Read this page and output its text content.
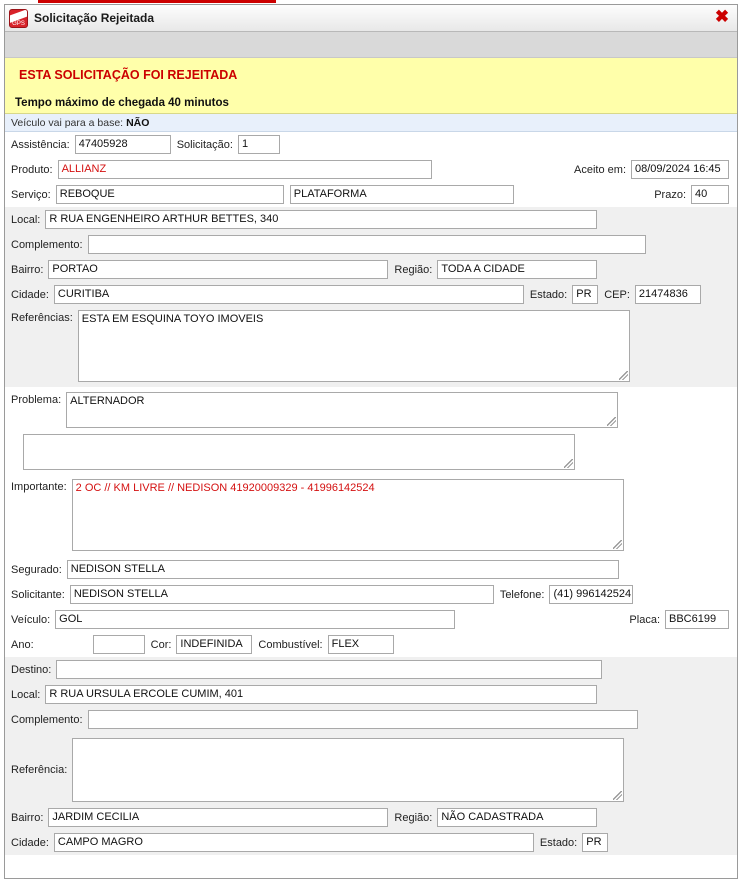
GPS Solicitação Rejeitada	✖
ESTA SOLICITAÇÃO FOI REJEITADA
Tempo máximo de chegada 40 minutos
Veículo vai para a base: NÃO
Assistência: 47405928	Solicitação: 1
Produto: ALLIANZ	Aceito em: 08/09/2024 16:45
Serviço: REBOQUE	PLATAFORMA	Prazo: 40
Local: R RUA ENGENHEIRO ARTHUR BETTES, 340
Complemento:
Bairro: PORTAO	Região: TODA A CIDADE
Cidade: CURITIBA	Estado: PR	CEP: 21474836
Referências: ESTA EM ESQUINA TOYO IMOVEIS
Problema: ALTERNADOR
Importante: 2 OC // KM LIVRE // NEDISON 41920009329 - 41996142524
Segurado: NEDISON STELLA
Solicitante: NEDISON STELLA	Telefone: (41) 996142524
Veículo: GOL	Placa: BBC6199
Ano:	Cor: INDEFINIDA	Combustível: FLEX
Destino:
Local: R RUA URSULA ERCOLE CUMIM, 401
Complemento:
Referência:
Bairro: JARDIM CECILIA	Região: NÃO CADASTRADA
Cidade: CAMPO MAGRO	Estado: PR
